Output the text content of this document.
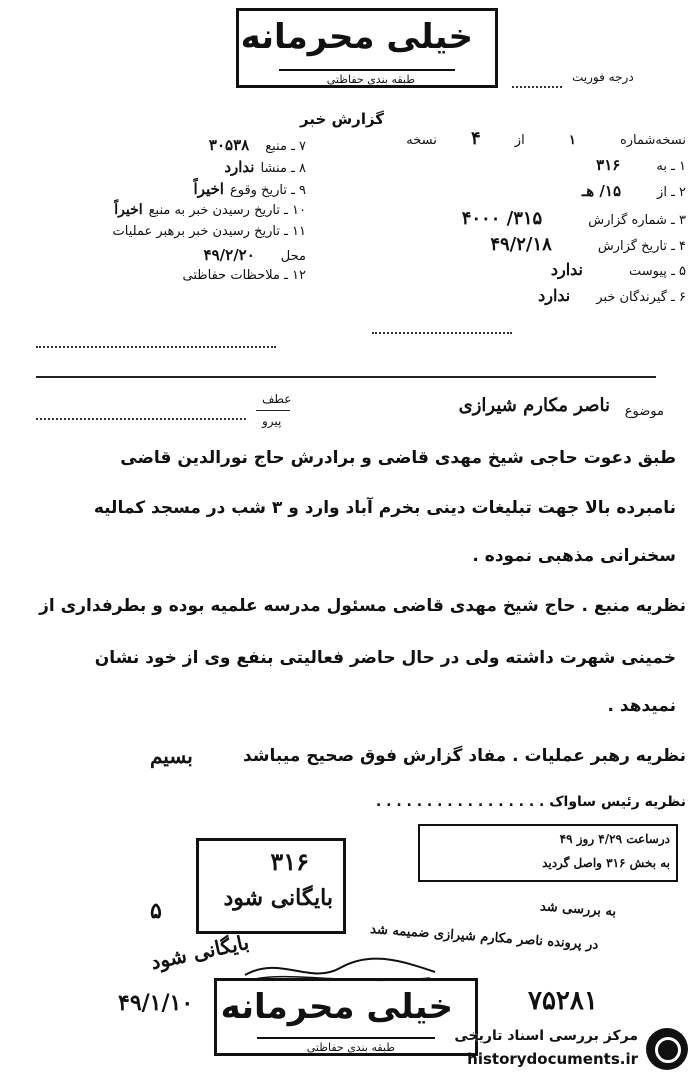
خیلی محرمانه
طبقه بندی حفاظتی	درجه فوریت
گزارش خبر
نسخه‌شماره ۱ از ۴ نسخه
۱ ـ به
۳۱۶
۲ ـ از
۱۵/ هـ
۳ ـ شماره گزارش
۳۱۵/ ۴۰۰۰
۴ ـ تاریخ گزارش
۴۹/۲/۱۸
۵ ـ پیوست
ندارد
۶ ـ گیرندگان خبر
ندارد
۷ ـ منبع
۳۰۵۳۸
۸ ـ منشا
ندارد
۹ ـ تاریخ وقوع
اخیراً
۱۰ ـ تاریخ رسیدن خبر به منبع
اخیراً
۱۱ ـ تاریخ رسیدن خبر برهبر عملیات
محل
۴۹/۲/۲۰
۱۲ ـ ملاحظات حفاظتی
موضوع
ناصر مکارم شیرازی
عطف
پیرو
طبق دعوت حاجی شیخ مهدی قاضی و برادرش حاج نورالدین قاضی
نامبرده بالا جهت تبلیغات دینی بخرم آباد وارد و ۳ شب در مسجد کمالیه
سخنرانی مذهبی نموده .
نظریه منبع . حاج شیخ مهدی قاضی مسئول مدرسه علمیه بوده و بطرفداری از
خمینی شهرت داشته ولی در حال حاضر فعالیتی بنفع وی از خود نشان
نمیدهد .
نظریه رهبر عملیات . مفاد گزارش فوق صحیح میباشد
بسیم
نظریه رئیس ساواک . . . . . . . . . . . . . . . . .
درساعت ۴/۲۹ روز ۴۹
به بخش ۳۱۶ واصل گردید
۳۱۶
بایگانی شود	به بررسی شد
در پرونده ناصر مکارم شیرازی ضمیمه شد
بایگانی شود
۵
۴۹/۱/۱۰	۷۵۲۸۱
خیلی محرمانه
طبقه بندی حفاظتی
مرکز بررسی اسناد تاریخی
historydocuments.ir
